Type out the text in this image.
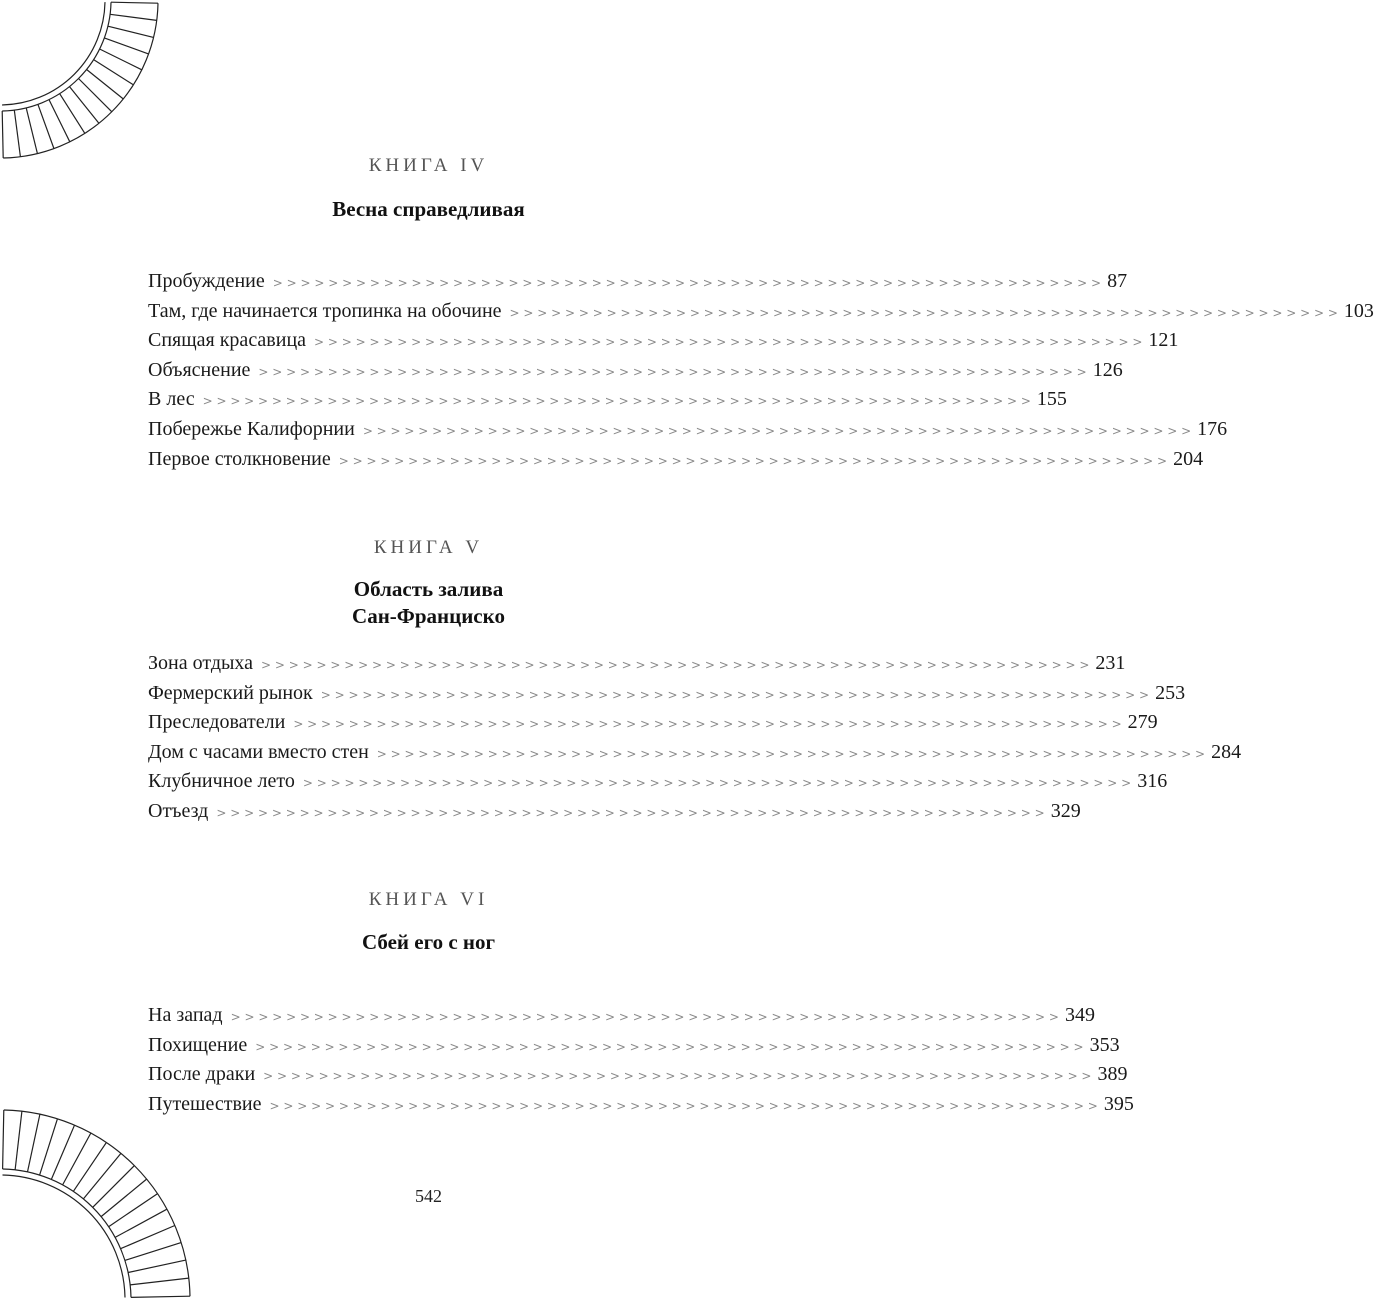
КНИГА IV
Весна справедливая
Пробуждение > > > > > > > > > > > > > > > > > > > > > > > > > > > > > > > > > > > > > > > > > > > > > > > > > > > > > > > > > > > > 87
Там, где начинается тропинка на обочине > > > > > > > > > > > > > > > > > > > > > > > > > > > > > > > > > > > > > > > > > > > > > > > > > > > > > > > > > > > > 103
Спящая красавица > > > > > > > > > > > > > > > > > > > > > > > > > > > > > > > > > > > > > > > > > > > > > > > > > > > > > > > > > > > > 121
Объяснение > > > > > > > > > > > > > > > > > > > > > > > > > > > > > > > > > > > > > > > > > > > > > > > > > > > > > > > > > > > > 126
В лес > > > > > > > > > > > > > > > > > > > > > > > > > > > > > > > > > > > > > > > > > > > > > > > > > > > > > > > > > > > > 155
Побережье Калифорнии > > > > > > > > > > > > > > > > > > > > > > > > > > > > > > > > > > > > > > > > > > > > > > > > > > > > > > > > > > > > 176
Первое столкновение > > > > > > > > > > > > > > > > > > > > > > > > > > > > > > > > > > > > > > > > > > > > > > > > > > > > > > > > > > > > 204
КНИГА V
Область залива
Сан-Франциско
Зона отдыха > > > > > > > > > > > > > > > > > > > > > > > > > > > > > > > > > > > > > > > > > > > > > > > > > > > > > > > > > > > > 231
Фермерский рынок > > > > > > > > > > > > > > > > > > > > > > > > > > > > > > > > > > > > > > > > > > > > > > > > > > > > > > > > > > > > 253
Преследователи > > > > > > > > > > > > > > > > > > > > > > > > > > > > > > > > > > > > > > > > > > > > > > > > > > > > > > > > > > > > 279
Дом с часами вместо стен > > > > > > > > > > > > > > > > > > > > > > > > > > > > > > > > > > > > > > > > > > > > > > > > > > > > > > > > > > > > 284
Клубничное лето > > > > > > > > > > > > > > > > > > > > > > > > > > > > > > > > > > > > > > > > > > > > > > > > > > > > > > > > > > > > 316
Отъезд > > > > > > > > > > > > > > > > > > > > > > > > > > > > > > > > > > > > > > > > > > > > > > > > > > > > > > > > > > > > 329
КНИГА VI
Сбей его с ног
На запад > > > > > > > > > > > > > > > > > > > > > > > > > > > > > > > > > > > > > > > > > > > > > > > > > > > > > > > > > > > > 349
Похищение > > > > > > > > > > > > > > > > > > > > > > > > > > > > > > > > > > > > > > > > > > > > > > > > > > > > > > > > > > > > 353
После драки > > > > > > > > > > > > > > > > > > > > > > > > > > > > > > > > > > > > > > > > > > > > > > > > > > > > > > > > > > > > 389
Путешествие > > > > > > > > > > > > > > > > > > > > > > > > > > > > > > > > > > > > > > > > > > > > > > > > > > > > > > > > > > > > 395
542
